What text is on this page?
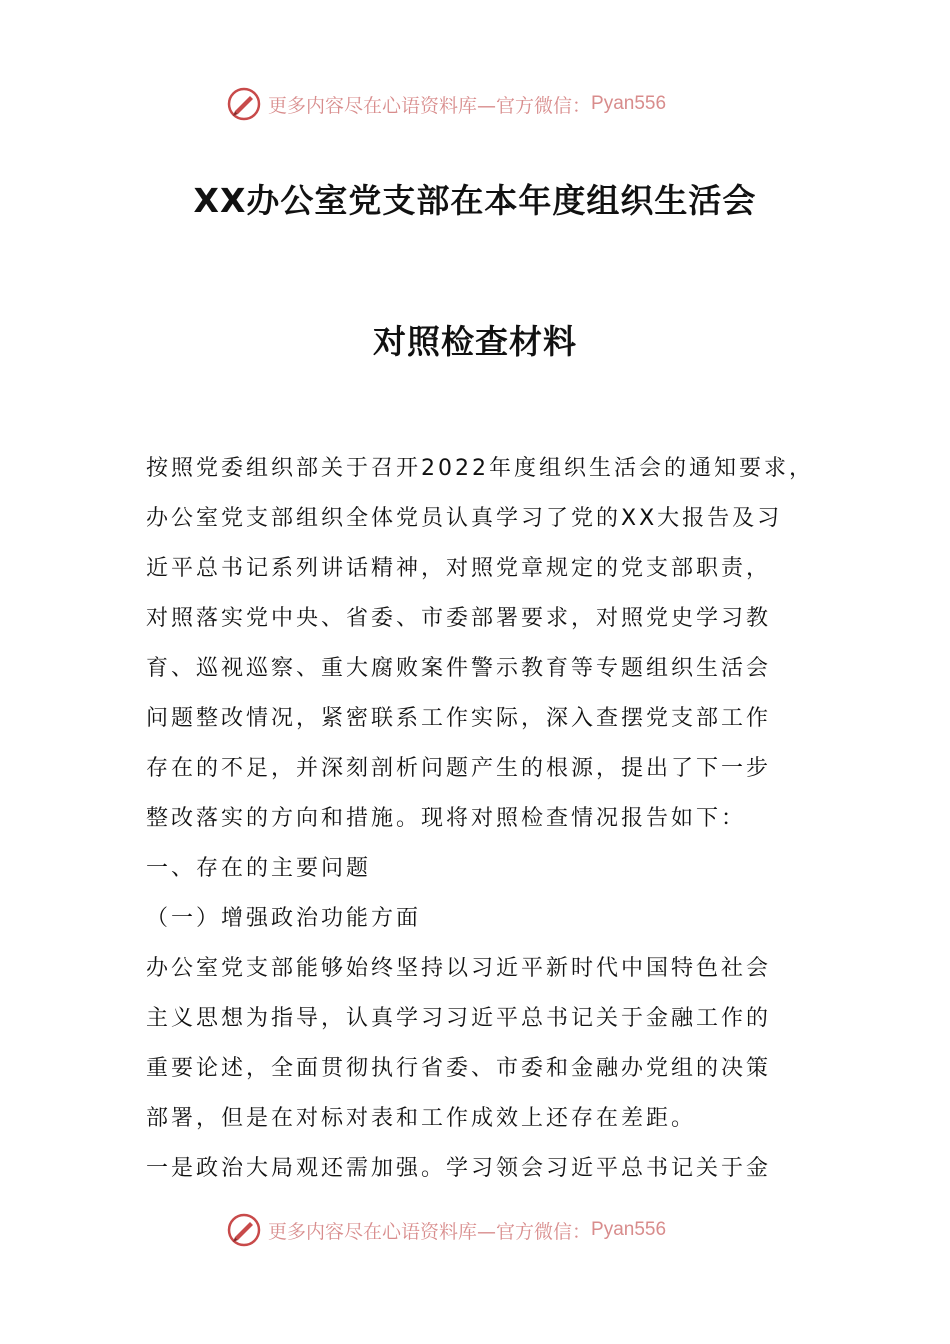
更多内容尽在心语资料库—官方微信： Pyan556
XX办公室党支部在本年度组织生活会
对照检查材料
按照党委组织部关于召开2022年度组织生活会的通知要求，
办公室党支部组织全体党员认真学习了党的XX大报告及习
近平总书记系列讲话精神，对照党章规定的党支部职责，
对照落实党中央、省委、市委部署要求，对照党史学习教
育、巡视巡察、重大腐败案件警示教育等专题组织生活会
问题整改情况，紧密联系工作实际，深入查摆党支部工作
存在的不足，并深刻剖析问题产生的根源，提出了下一步
整改落实的方向和措施。现将对照检查情况报告如下：
一、存在的主要问题
（一）增强政治功能方面
办公室党支部能够始终坚持以习近平新时代中国特色社会
主义思想为指导，认真学习习近平总书记关于金融工作的
重要论述，全面贯彻执行省委、市委和金融办党组的决策
部署，但是在对标对表和工作成效上还存在差距。
一是政治大局观还需加强。学习领会习近平总书记关于金
更多内容尽在心语资料库—官方微信： Pyan556
